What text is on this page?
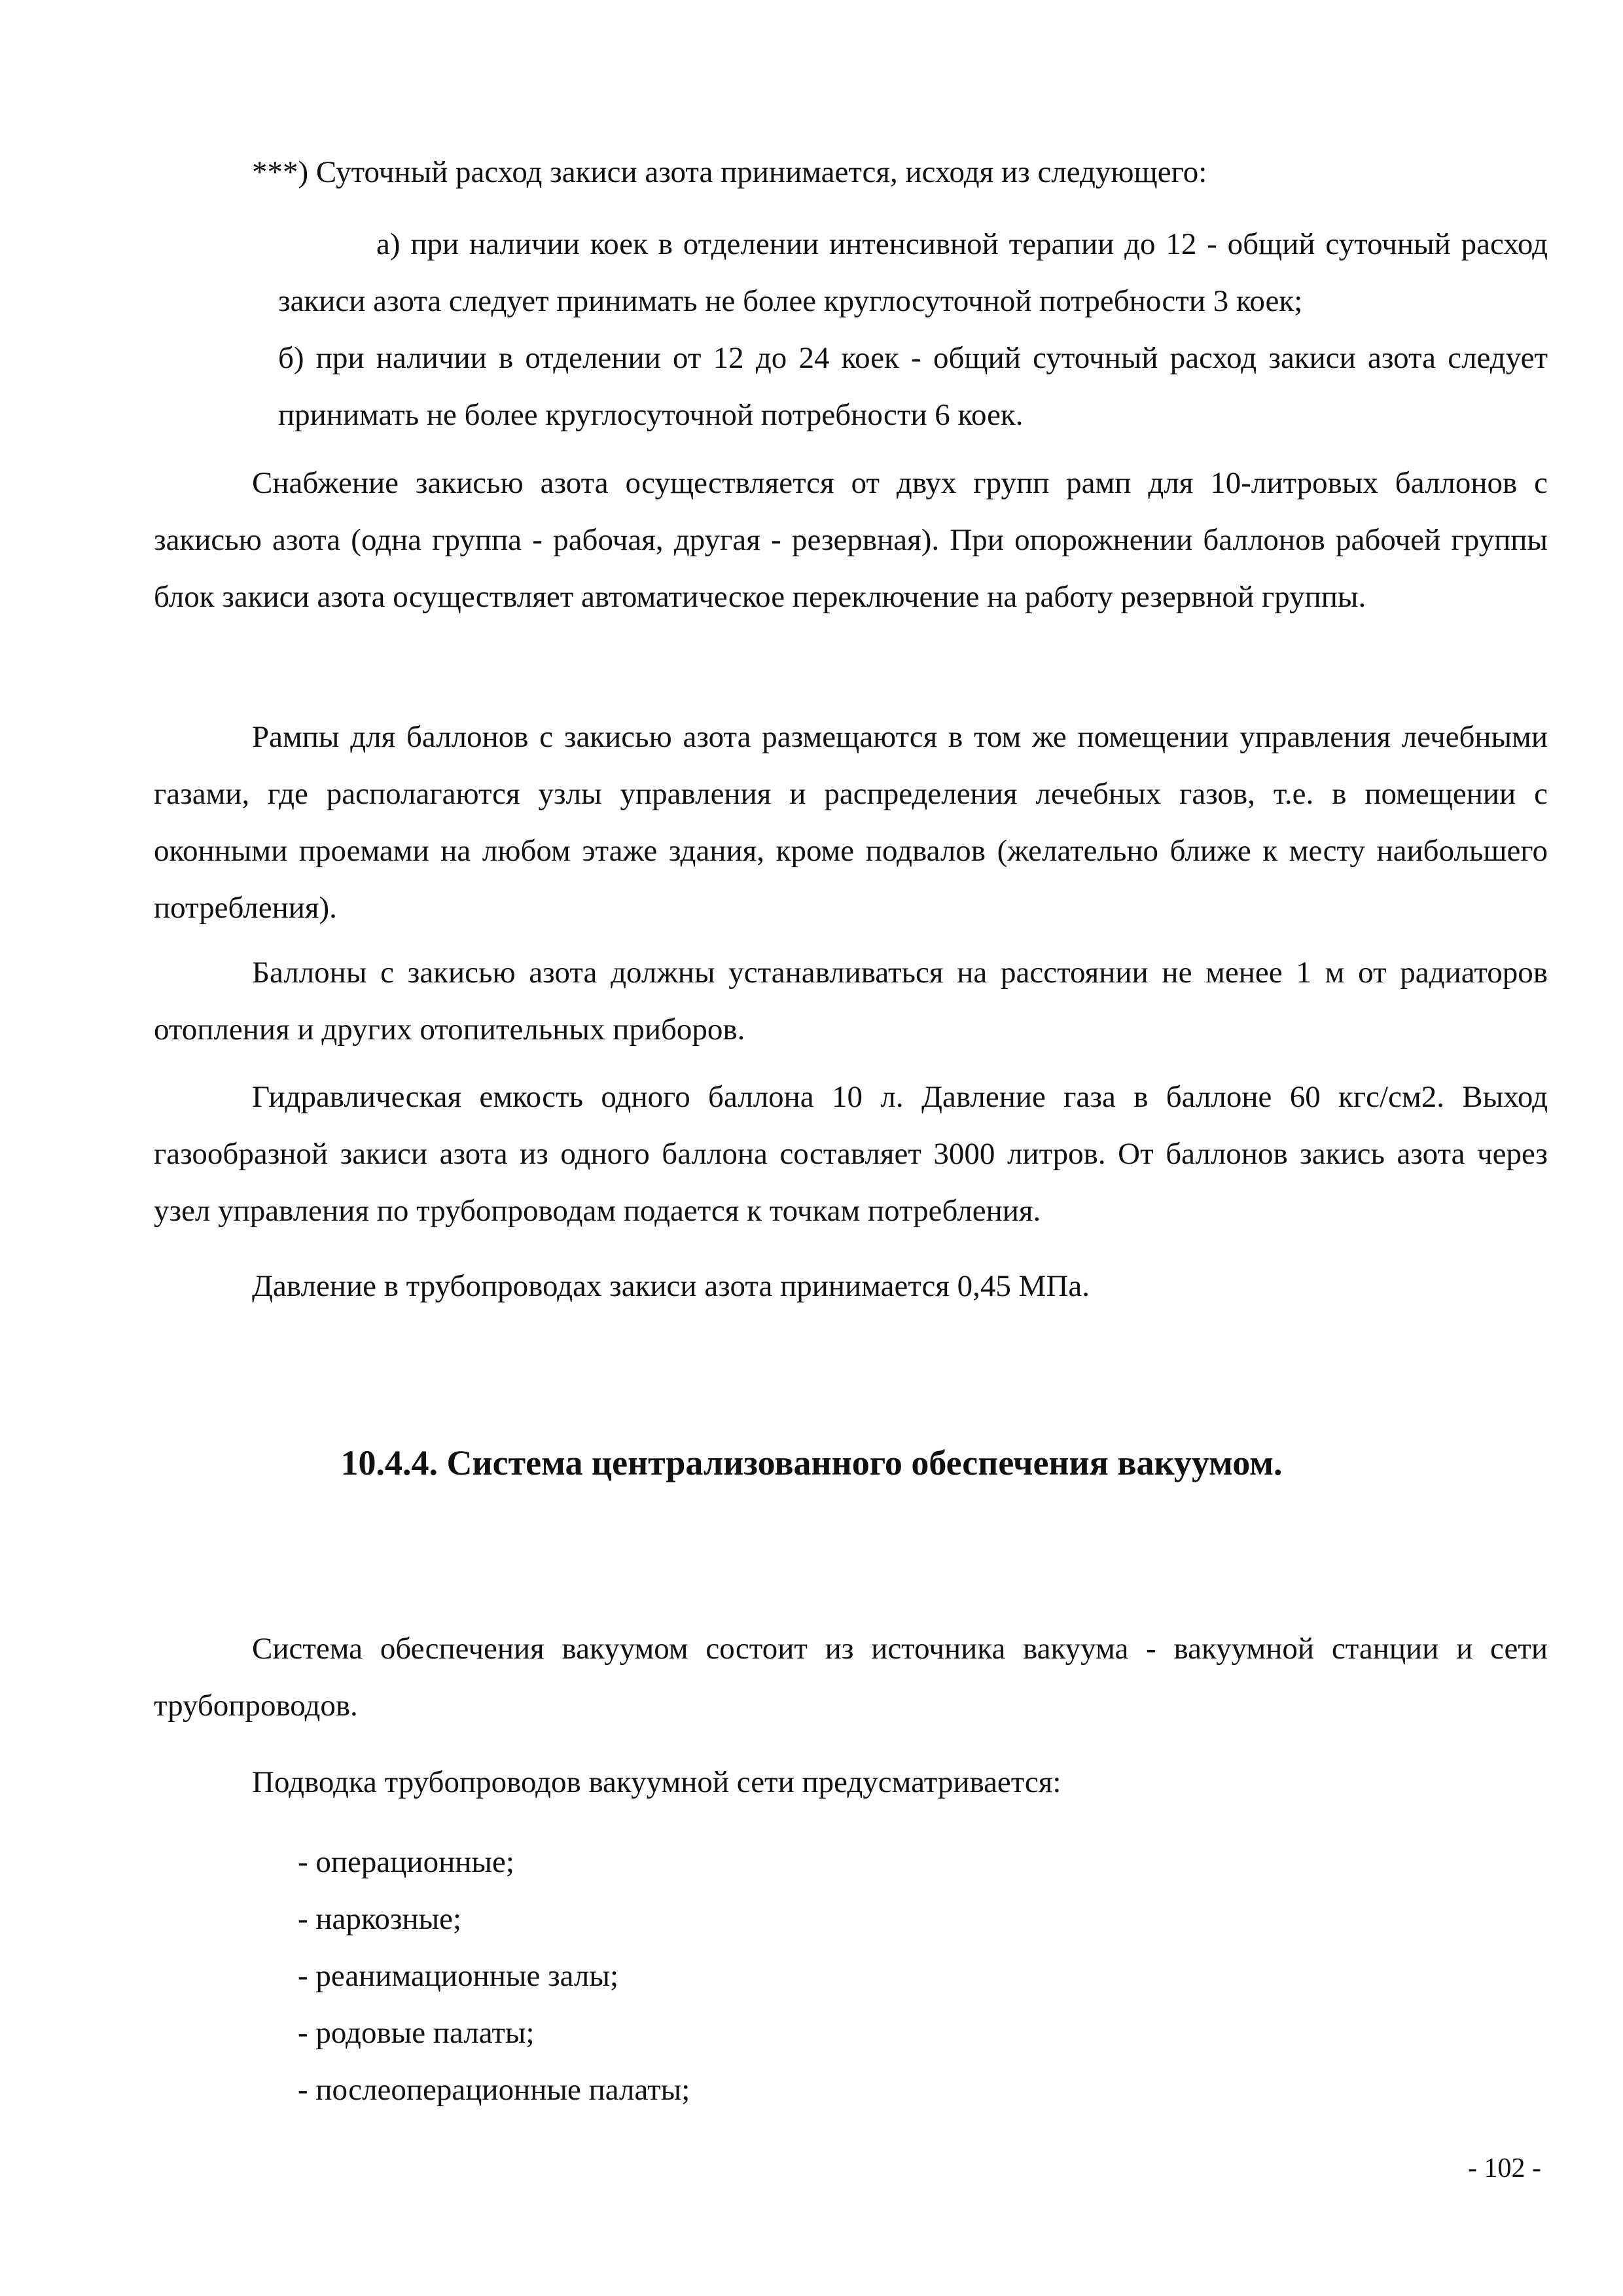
***) Суточный расход закиси азота принимается, исходя из следующего:

а) при наличии коек в отделении интенсивной терапии до 12 - общий суточный расход закиси азота следует принимать не более круглосуточной потребности 3 коек;

б) при наличии в отделении от 12 до 24 коек - общий суточный расход закиси азота следует принимать не более круглосуточной потребности 6 коек.

Снабжение закисью азота осуществляется от двух групп рамп для 10-литровых баллонов с закисью азота (одна группа - рабочая, другая - резервная). При опорожнении баллонов рабочей группы блок закиси азота осуществляет автоматическое переключение на работу резервной группы.

Рампы для баллонов с закисью азота размещаются в том же помещении управления лечебными газами, где располагаются узлы управления и распределения лечебных газов, т.е. в помещении с оконными проемами на любом этаже здания, кроме подвалов (желательно ближе к месту наибольшего потребления).

Баллоны с закисью азота должны устанавливаться на расстоянии не менее 1 м от радиаторов отопления и других отопительных приборов.

Гидравлическая емкость одного баллона 10 л. Давление газа в баллоне 60 кгс/см2. Выход газообразной закиси азота из одного баллона составляет 3000 литров. От баллонов закись азота через узел управления по трубопроводам подается к точкам потребления.

Давление в трубопроводах закиси азота принимается 0,45 МПа.

10.4.4. Система централизованного обеспечения вакуумом.

Система обеспечения вакуумом состоит из источника вакуума - вакуумной станции и сети трубопроводов.

Подводка трубопроводов вакуумной сети предусматривается:

- операционные;
- наркозные;
- реанимационные залы;
- родовые палаты;
- послеоперационные палаты;
- 102 -
